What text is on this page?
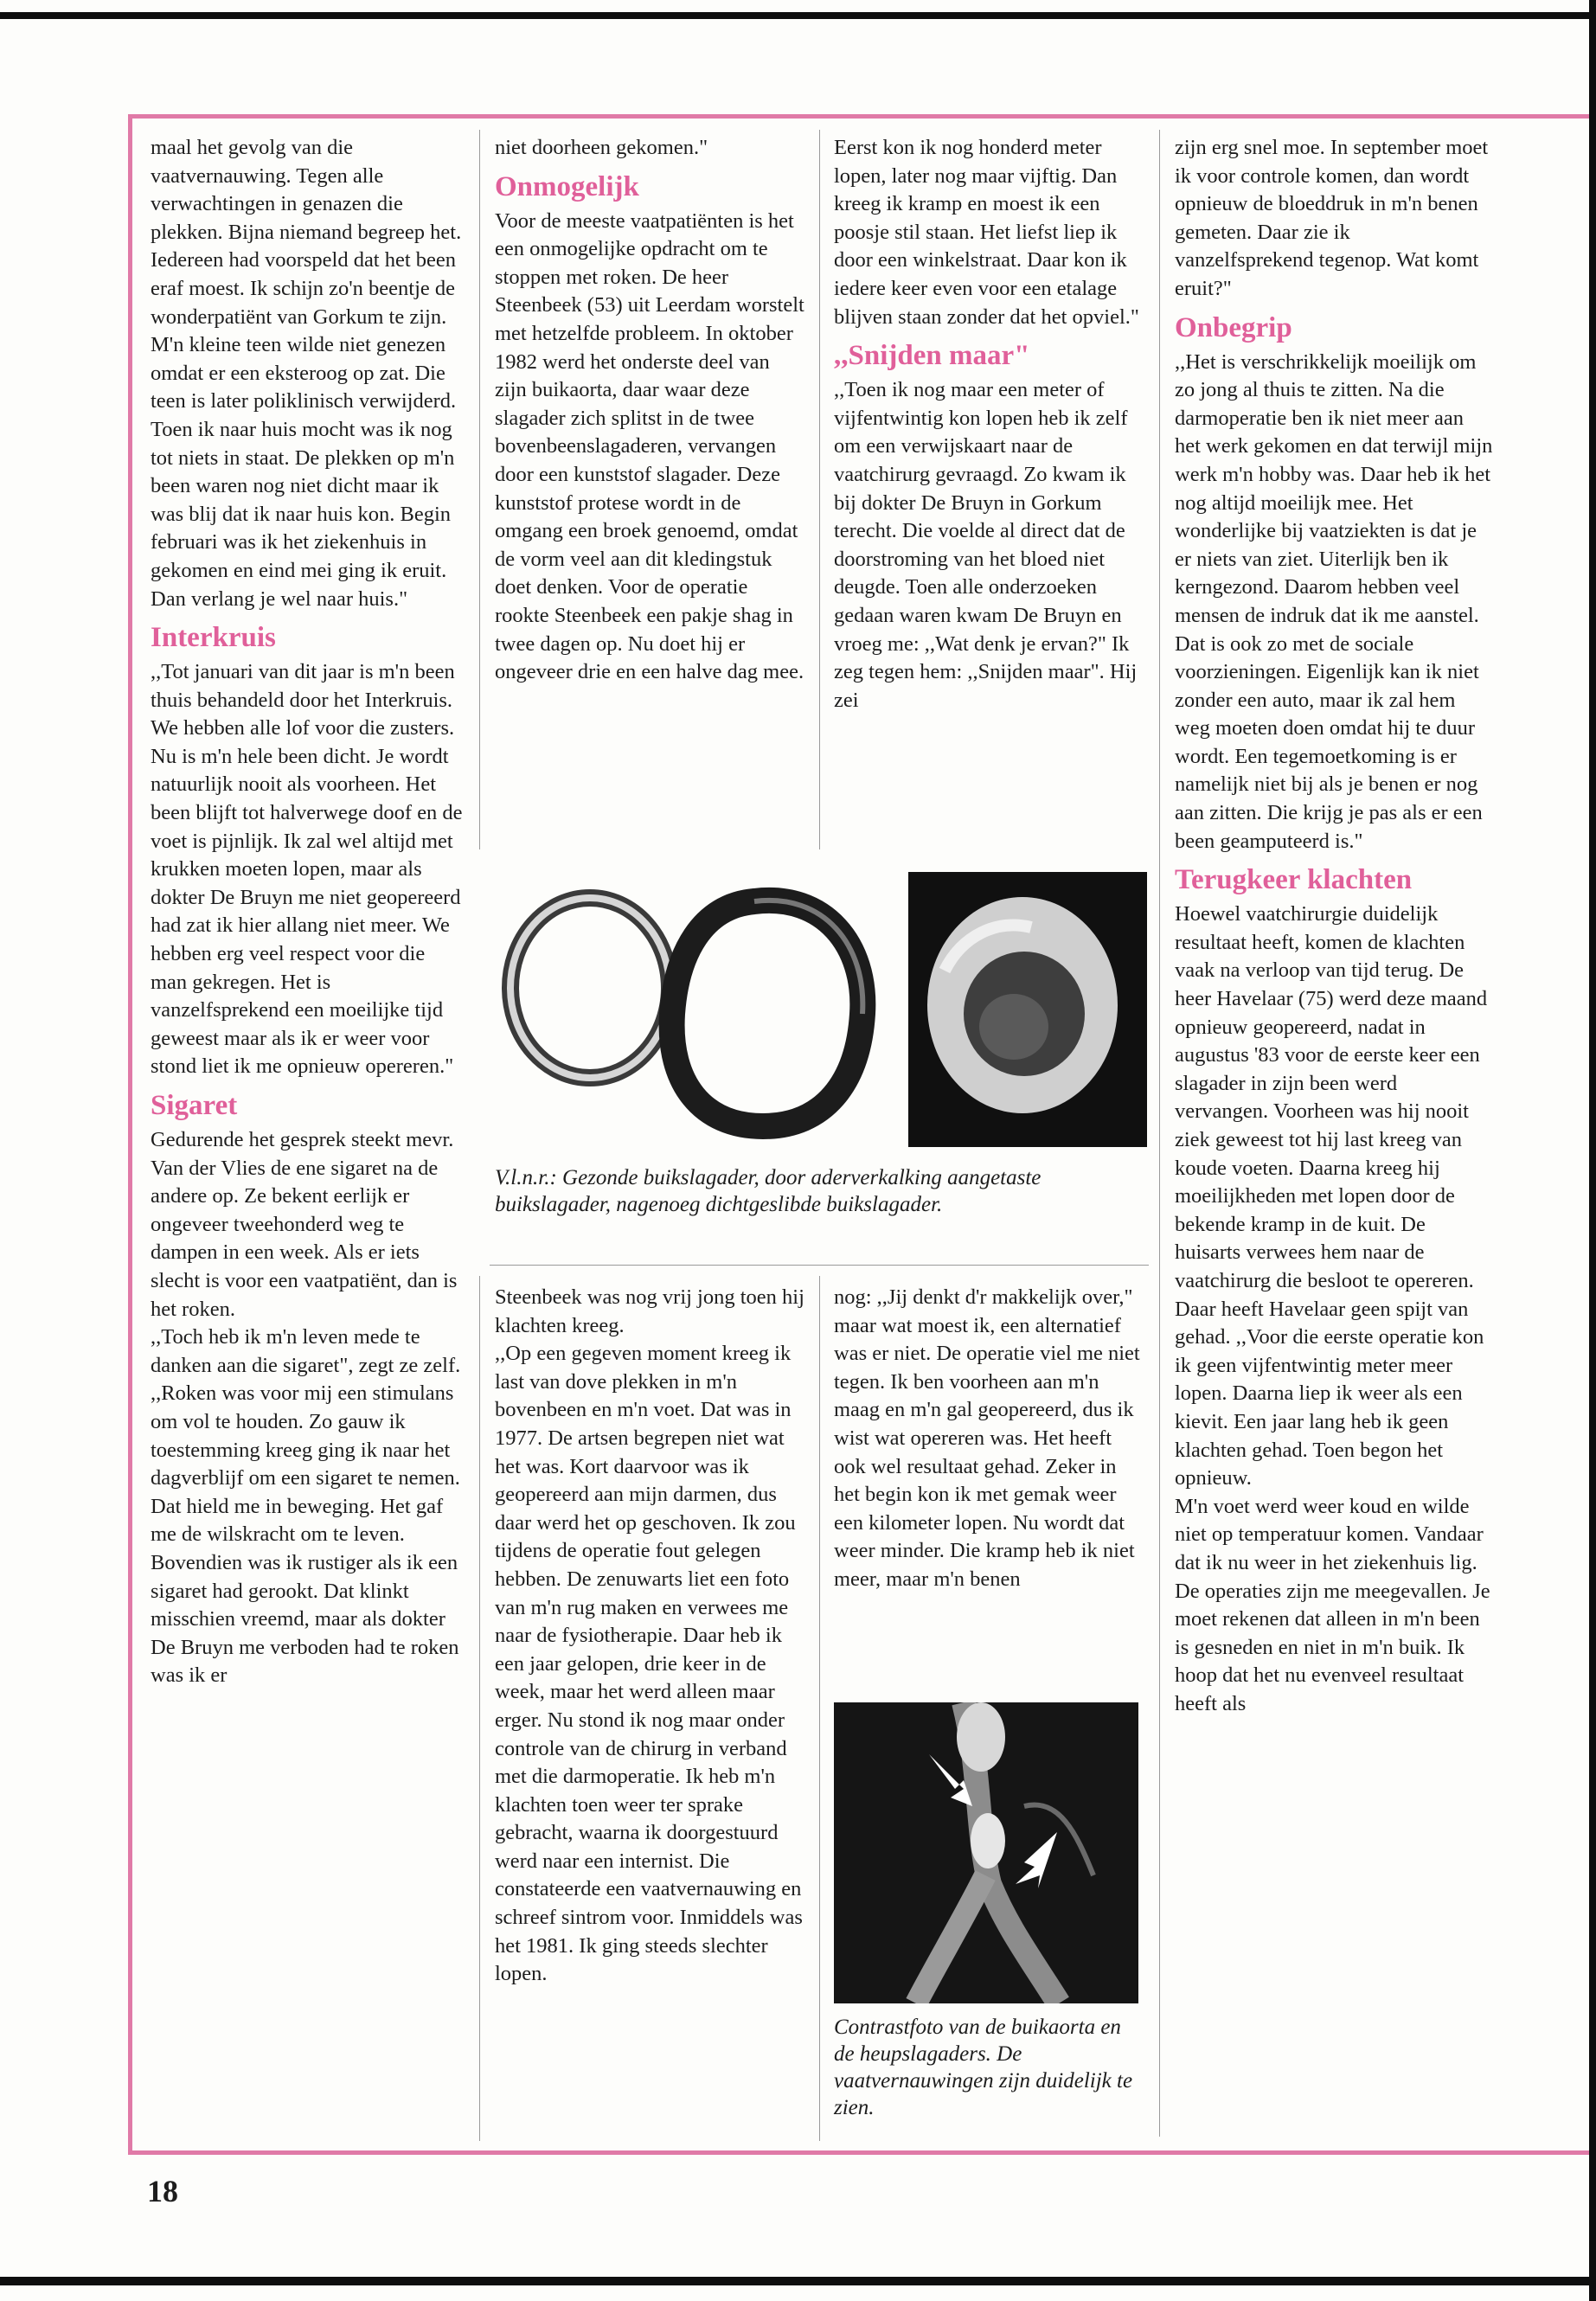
maal het gevolg van die vaatvernauwing. Tegen alle verwachtingen in genazen die plekken. Bijna niemand begreep het. Iedereen had voorspeld dat het been eraf moest. Ik schijn zo'n beentje de wonderpatiënt van Gorkum te zijn. M'n kleine teen wilde niet genezen omdat er een eksteroog op zat. Die teen is later poliklinisch verwijderd. Toen ik naar huis mocht was ik nog tot niets in staat. De plekken op m'n been waren nog niet dicht maar ik was blij dat ik naar huis kon. Begin februari was ik het ziekenhuis in gekomen en eind mei ging ik eruit. Dan verlang je wel naar huis."

Interkruis

,,Tot januari van dit jaar is m'n been thuis behandeld door het Interkruis. We hebben alle lof voor die zusters. Nu is m'n hele been dicht. Je wordt natuurlijk nooit als voorheen. Het been blijft tot halverwege doof en de voet is pijnlijk. Ik zal wel altijd met krukken moeten lopen, maar als dokter De Bruyn me niet geopereerd had zat ik hier allang niet meer. We hebben erg veel respect voor die man gekregen. Het is vanzelfsprekend een moeilijke tijd geweest maar als ik er weer voor stond liet ik me opnieuw opereren."

Sigaret

Gedurende het gesprek steekt mevr. Van der Vlies de ene sigaret na de andere op. Ze bekent eerlijk er ongeveer tweehonderd weg te dampen in een week. Als er iets slecht is voor een vaatpatiënt, dan is het roken.

,,Toch heb ik m'n leven mede te danken aan die sigaret", zegt ze zelf. ,,Roken was voor mij een stimulans om vol te houden. Zo gauw ik toestemming kreeg ging ik naar het dagverblijf om een sigaret te nemen. Dat hield me in beweging. Het gaf me de wilskracht om te leven. Bovendien was ik rustiger als ik een sigaret had gerookt. Dat klinkt misschien vreemd, maar als dokter De Bruyn me verboden had te roken was ik er

niet doorheen gekomen."

Onmogelijk

Voor de meeste vaatpatiënten is het een onmogelijke opdracht om te stoppen met roken. De heer Steenbeek (53) uit Leerdam worstelt met hetzelfde probleem. In oktober 1982 werd het onderste deel van zijn buikaorta, daar waar deze slagader zich splitst in de twee bovenbeenslagaderen, vervangen door een kunststof slagader. Deze kunststof protese wordt in de omgang een broek genoemd, omdat de vorm veel aan dit kledingstuk doet denken. Voor de operatie rookte Steenbeek een pakje shag in twee dagen op. Nu doet hij er ongeveer drie en een halve dag mee.

Eerst kon ik nog honderd meter lopen, later nog maar vijftig. Dan kreeg ik kramp en moest ik een poosje stil staan. Het liefst liep ik door een winkelstraat. Daar kon ik iedere keer even voor een etalage blijven staan zonder dat het opviel."

,,Snijden maar"

,,Toen ik nog maar een meter of vijfentwintig kon lopen heb ik zelf om een verwijskaart naar de vaatchirurg gevraagd. Zo kwam ik bij dokter De Bruyn in Gorkum terecht. Die voelde al direct dat de doorstroming van het bloed niet deugde. Toen alle onderzoeken gedaan waren kwam De Bruyn en vroeg me: ,,Wat denk je ervan?" Ik zeg tegen hem: ,,Snijden maar". Hij zei

zijn erg snel moe. In september moet ik voor controle komen, dan wordt opnieuw de bloeddruk in m'n benen gemeten. Daar zie ik vanzelfsprekend tegenop. Wat komt eruit?"

Onbegrip

,,Het is verschrikkelijk moeilijk om zo jong al thuis te zitten. Na die darmoperatie ben ik niet meer aan het werk gekomen en dat terwijl mijn werk m'n hobby was. Daar heb ik het nog altijd moeilijk mee. Het wonderlijke bij vaatziekten is dat je er niets van ziet. Uiterlijk ben ik kerngezond. Daarom hebben veel mensen de indruk dat ik me aanstel. Dat is ook zo met de sociale voorzieningen. Eigenlijk kan ik niet zonder een auto, maar ik zal hem weg moeten doen omdat hij te duur wordt. Een tegemoetkoming is er namelijk niet bij als je benen er nog aan zitten. Die krijg je pas als er een been geamputeerd is."

Terugkeer klachten

Hoewel vaatchirurgie duidelijk resultaat heeft, komen de klachten vaak na verloop van tijd terug. De heer Havelaar (75) werd deze maand opnieuw geopereerd, nadat in augustus '83 voor de eerste keer een slagader in zijn been werd vervangen. Voorheen was hij nooit ziek geweest tot hij last kreeg van koude voeten. Daarna kreeg hij moeilijkheden met lopen door de bekende kramp in de kuit. De huisarts verwees hem naar de vaatchirurg die besloot te opereren. Daar heeft Havelaar geen spijt van gehad. ,,Voor die eerste operatie kon ik geen vijfentwintig meter meer lopen. Daarna liep ik weer als een kievit. Een jaar lang heb ik geen klachten gehad. Toen begon het opnieuw.

M'n voet werd weer koud en wilde niet op temperatuur komen. Vandaar dat ik nu weer in het ziekenhuis lig. De operaties zijn me meegevallen. Je moet rekenen dat alleen in m'n been is gesneden en niet in m'n buik. Ik hoop dat het nu evenveel resultaat heeft als

V.l.n.r.: Gezonde buikslagader, door aderverkalking aangetaste buikslagader, nagenoeg dichtgeslibde buikslagader.

Steenbeek was nog vrij jong toen hij klachten kreeg.

,,Op een gegeven moment kreeg ik last van dove plekken in m'n bovenbeen en m'n voet. Dat was in 1977. De artsen begrepen niet wat het was. Kort daarvoor was ik geopereerd aan mijn darmen, dus daar werd het op geschoven. Ik zou tijdens de operatie fout gelegen hebben. De zenuwarts liet een foto van m'n rug maken en verwees me naar de fysiotherapie. Daar heb ik een jaar gelopen, drie keer in de week, maar het werd alleen maar erger. Nu stond ik nog maar onder controle van de chirurg in verband met die darmoperatie. Ik heb m'n klachten toen weer ter sprake gebracht, waarna ik doorgestuurd werd naar een internist. Die constateerde een vaatvernauwing en schreef sintrom voor. Inmiddels was het 1981. Ik ging steeds slechter lopen.

nog: ,,Jij denkt d'r makkelijk over," maar wat moest ik, een alternatief was er niet. De operatie viel me niet tegen. Ik ben voorheen aan m'n maag en m'n gal geopereerd, dus ik wist wat opereren was. Het heeft ook wel resultaat gehad. Zeker in het begin kon ik met gemak weer een kilometer lopen. Nu wordt dat weer minder. Die kramp heb ik niet meer, maar m'n benen

Contrastfoto van de buikaorta en de heupslagaders. De vaatvernauwingen zijn duidelijk te zien.
18
